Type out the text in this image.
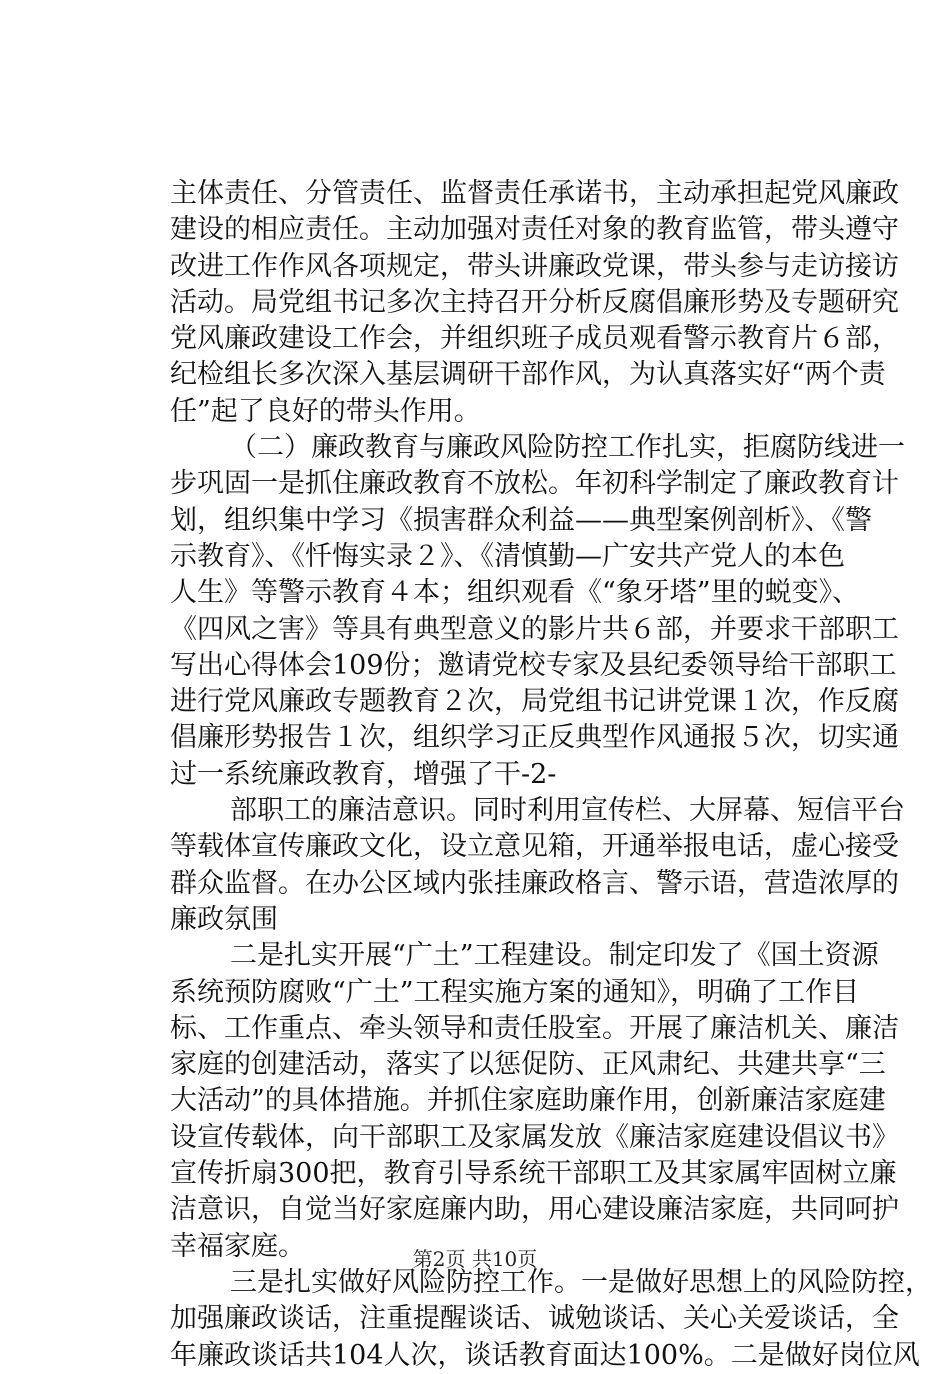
主体责任、分管责任、监督责任承诺书，主动承担起党风廉政
建设的相应责任。主动加强对责任对象的教育监管，带头遵守
改进工作作风各项规定，带头讲廉政党课，带头参与走访接访
活动。局党组书记多次主持召开分析反腐倡廉形势及专题研究
党风廉政建设工作会，并组织班子成员观看警示教育片６部，
纪检组长多次深入基层调研干部作风，为认真落实好“两个责
任”起了良好的带头作用。
（二）廉政教育与廉政风险防控工作扎实，拒腐防线进一
步巩固一是抓住廉政教育不放松。年初科学制定了廉政教育计
划，组织集中学习《损害群众利益——典型案例剖析》、《警
示教育》、《忏悔实录２》、《清慎勤—广安共产党人的本色
人生》等警示教育４本；组织观看《“象牙塔”里的蜕变》、
《四风之害》等具有典型意义的影片共６部，并要求干部职工
写出心得体会109份；邀请党校专家及县纪委领导给干部职工
进行党风廉政专题教育２次，局党组书记讲党课１次，作反腐
倡廉形势报告１次，组织学习正反典型作风通报５次，切实通
过一系统廉政教育，增强了干-2-
部职工的廉洁意识。同时利用宣传栏、大屏幕、短信平台
等载体宣传廉政文化，设立意见箱，开通举报电话，虚心接受
群众监督。在办公区域内张挂廉政格言、警示语，营造浓厚的
廉政氛围
二是扎实开展“广土”工程建设。制定印发了《国土资源
系统预防腐败“广土”工程实施方案的通知》，明确了工作目
标、工作重点、牵头领导和责任股室。开展了廉洁机关、廉洁
家庭的创建活动，落实了以惩促防、正风肃纪、共建共享“三
大活动”的具体措施。并抓住家庭助廉作用，创新廉洁家庭建
设宣传载体，向干部职工及家属发放《廉洁家庭建设倡议书》
宣传折扇300把，教育引导系统干部职工及其家属牢固树立廉
洁意识，自觉当好家庭廉内助，用心建设廉洁家庭，共同呵护
幸福家庭。
三是扎实做好风险防控工作。一是做好思想上的风险防控，
加强廉政谈话，注重提醒谈话、诚勉谈话、关心关爱谈话，全
年廉政谈话共104人次，谈话教育面达100%。二是做好岗位风
第2页 共10页
